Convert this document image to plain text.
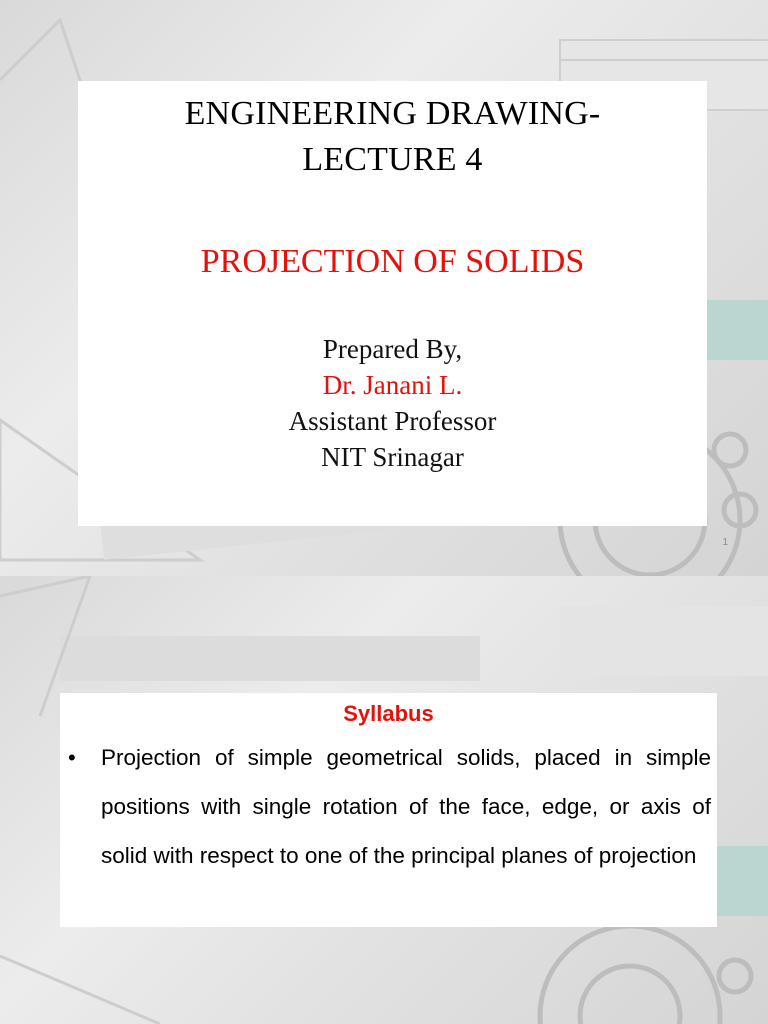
ENGINEERING DRAWING-
LECTURE 4
PROJECTION OF SOLIDS
Prepared By,
Dr. Janani L.
Assistant Professor
NIT Srinagar
1
Syllabus
•	Projection of simple geometrical solids, placed in simple positions with single rotation of the face, edge, or axis of solid with respect to one of the principal planes of projection
